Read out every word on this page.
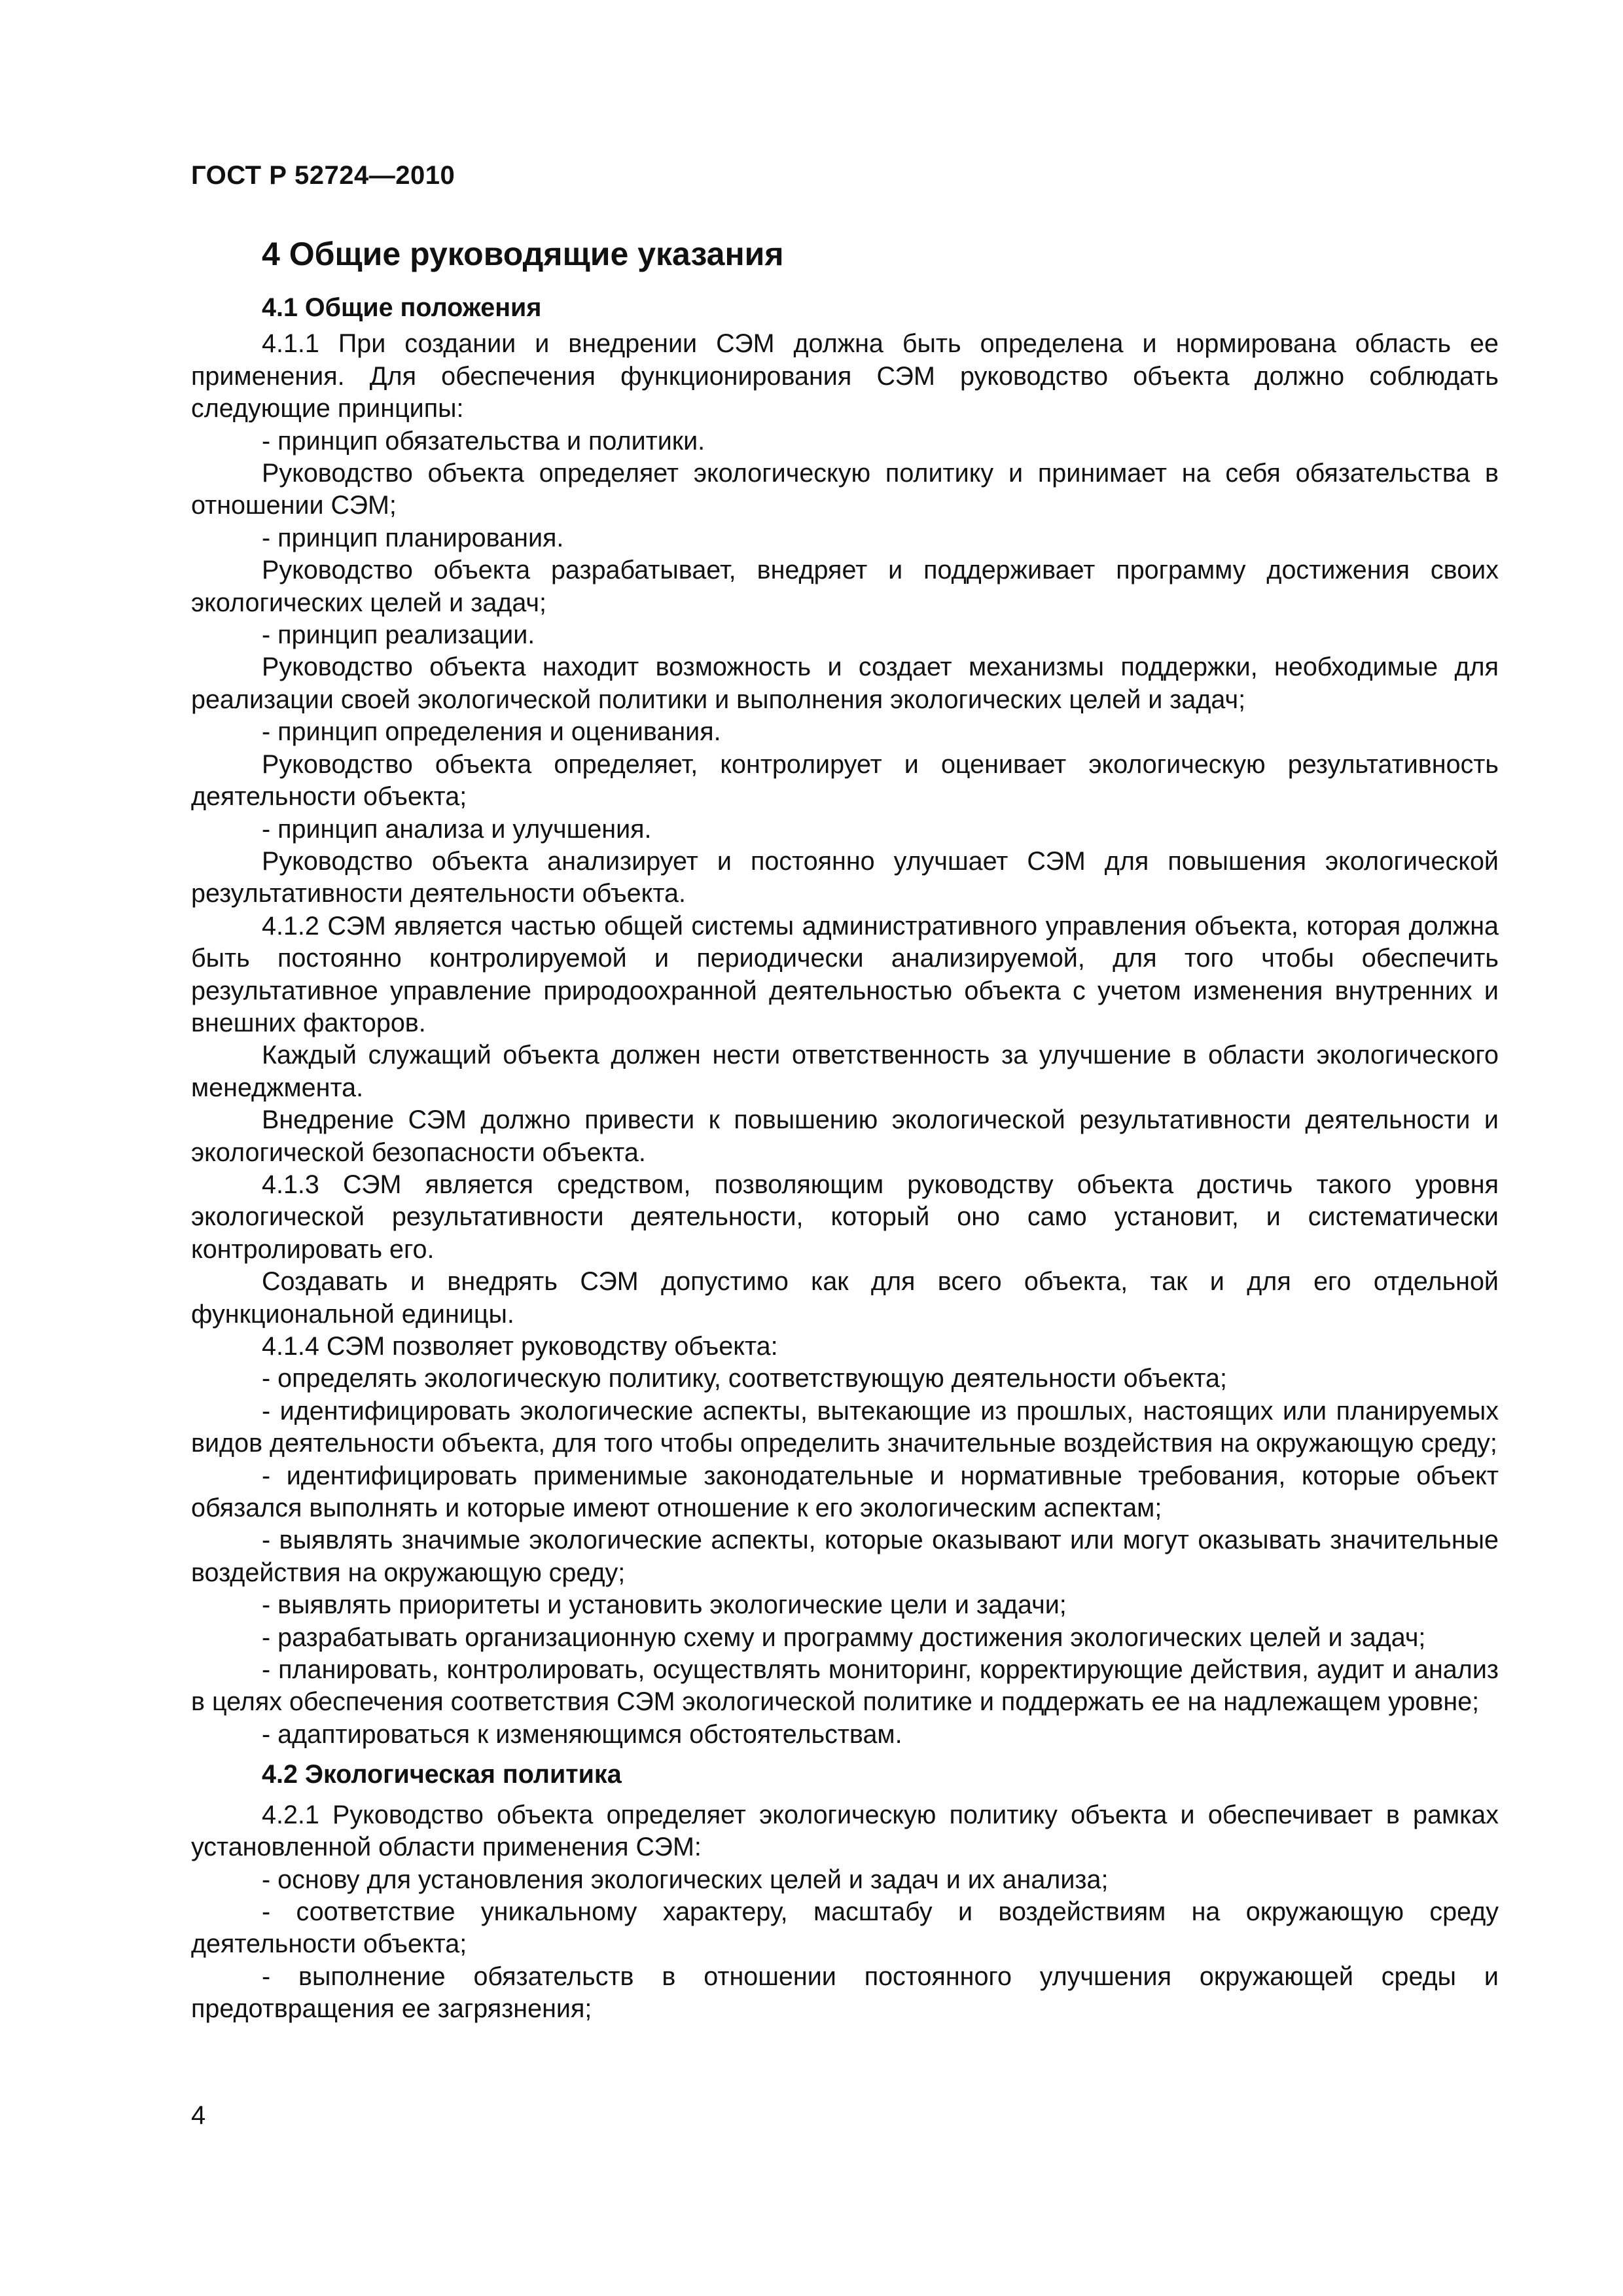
ГОСТ Р 52724—2010
4 Общие руководящие указания
4.1 Общие положения

4.1.1 При создании и внедрении СЭМ должна быть определена и нормирована область ее применения. Для обеспечения функционирования СЭМ руководство объекта должно соблюдать следующие принципы:

- принцип обязательства и политики.

Руководство объекта определяет экологическую политику и принимает на себя обязательства в отношении СЭМ;

- принцип планирования.

Руководство объекта разрабатывает, внедряет и поддерживает программу достижения своих экологических целей и задач;

- принцип реализации.

Руководство объекта находит возможность и создает механизмы поддержки, необходимые для реализации своей экологической политики и выполнения экологических целей и задач;

- принцип определения и оценивания.

Руководство объекта определяет, контролирует и оценивает экологическую результативность деятельности объекта;

- принцип анализа и улучшения.

Руководство объекта анализирует и постоянно улучшает СЭМ для повышения экологической результативности деятельности объекта.

4.1.2 СЭМ является частью общей системы административного управления объекта, которая должна быть постоянно контролируемой и периодически анализируемой, для того чтобы обеспечить результативное управление природоохранной деятельностью объекта с учетом изменения внутренних и внешних факторов.

Каждый служащий объекта должен нести ответственность за улучшение в области экологического менеджмента.

Внедрение СЭМ должно привести к повышению экологической результативности деятельности и экологической безопасности объекта.

4.1.3 СЭМ является средством, позволяющим руководству объекта достичь такого уровня экологической результативности деятельности, который оно само установит, и систематически контролировать его.

Создавать и внедрять СЭМ допустимо как для всего объекта, так и для его отдельной функциональной единицы.

4.1.4 СЭМ позволяет руководству объекта:

- определять экологическую политику, соответствующую деятельности объекта;

- идентифицировать экологические аспекты, вытекающие из прошлых, настоящих или планируемых видов деятельности объекта, для того чтобы определить значительные воздействия на окружающую среду;

- идентифицировать применимые законодательные и нормативные требования, которые объект обязался выполнять и которые имеют отношение к его экологическим аспектам;

- выявлять значимые экологические аспекты, которые оказывают или могут оказывать значительные воздействия на окружающую среду;

- выявлять приоритеты и установить экологические цели и задачи;

- разрабатывать организационную схему и программу достижения экологических целей и задач;

- планировать, контролировать, осуществлять мониторинг, корректирующие действия, аудит и анализ в целях обеспечения соответствия СЭМ экологической политике и поддержать ее на надлежащем уровне;

- адаптироваться к изменяющимся обстоятельствам.

4.2 Экологическая политика

4.2.1 Руководство объекта определяет экологическую политику объекта и обеспечивает в рамках установленной области применения СЭМ:

- основу для установления экологических целей и задач и их анализа;

- соответствие уникальному характеру, масштабу и воздействиям на окружающую среду деятельности объекта;

- выполнение обязательств в отношении постоянного улучшения окружающей среды и предотвращения ее загрязнения;

4
